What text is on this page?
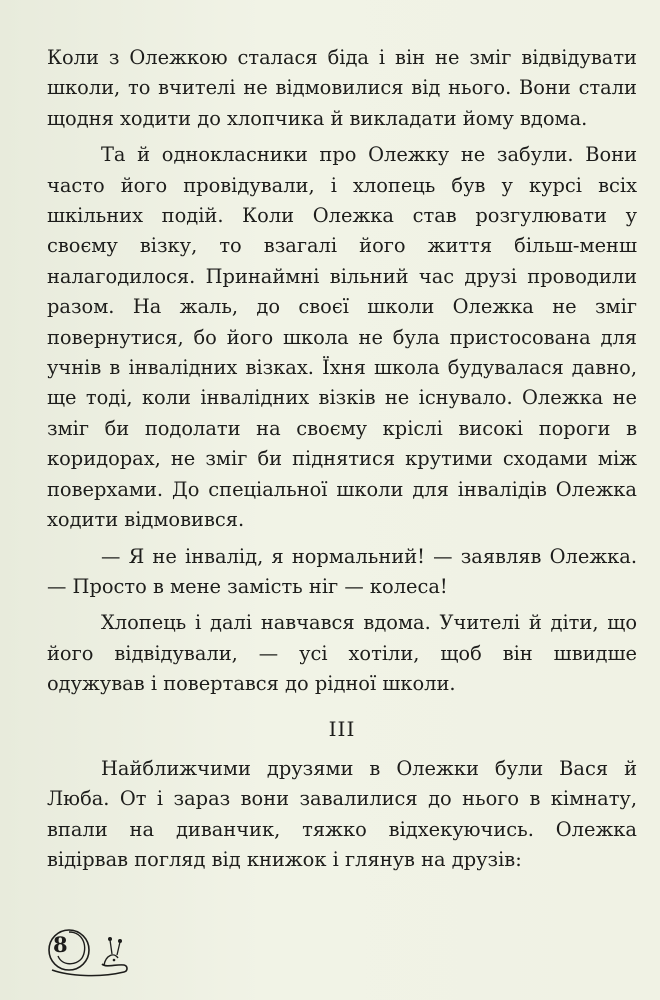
Коли з Олежкою сталася біда і він не зміг відвідувати школи, то вчителі не відмовилися від нього. Вони стали щодня ходити до хлопчика й викладати йому вдома.

Та й однокласники про Олежку не забули. Вони часто його провідували, і хлопець був у курсі всіх шкільних подій. Коли Олежка став розгулювати у своєму візку, то взагалі його життя більш-менш налагодилося. Принаймні вільний час друзі проводили разом. На жаль, до своєї школи Олежка не зміг повернутися, бо його школа не була пристосована для учнів в інвалідних візках. Їхня школа будувалася давно, ще тоді, коли інвалідних візків не існувало. Олежка не зміг би подолати на своєму кріслі високі пороги в коридорах, не зміг би піднятися крутими сходами між поверхами. До спеціальної школи для інвалідів Олежка ходити відмовився.

— Я не інвалід, я нормальний! — заявляв Олежка. — Просто в мене замість ніг — колеса!

Хлопець і далі навчався вдома. Учителі й діти, що його відвідували, — усі хотіли, щоб він швидше одужував і повертався до рідної школи.

III

Найближчими друзями в Олежки були Вася й Люба. От і зараз вони завалилися до нього в кімнату, впали на диванчик, тяжко відхекуючись. Олежка відірвав погляд від книжок і глянув на друзів:

8
